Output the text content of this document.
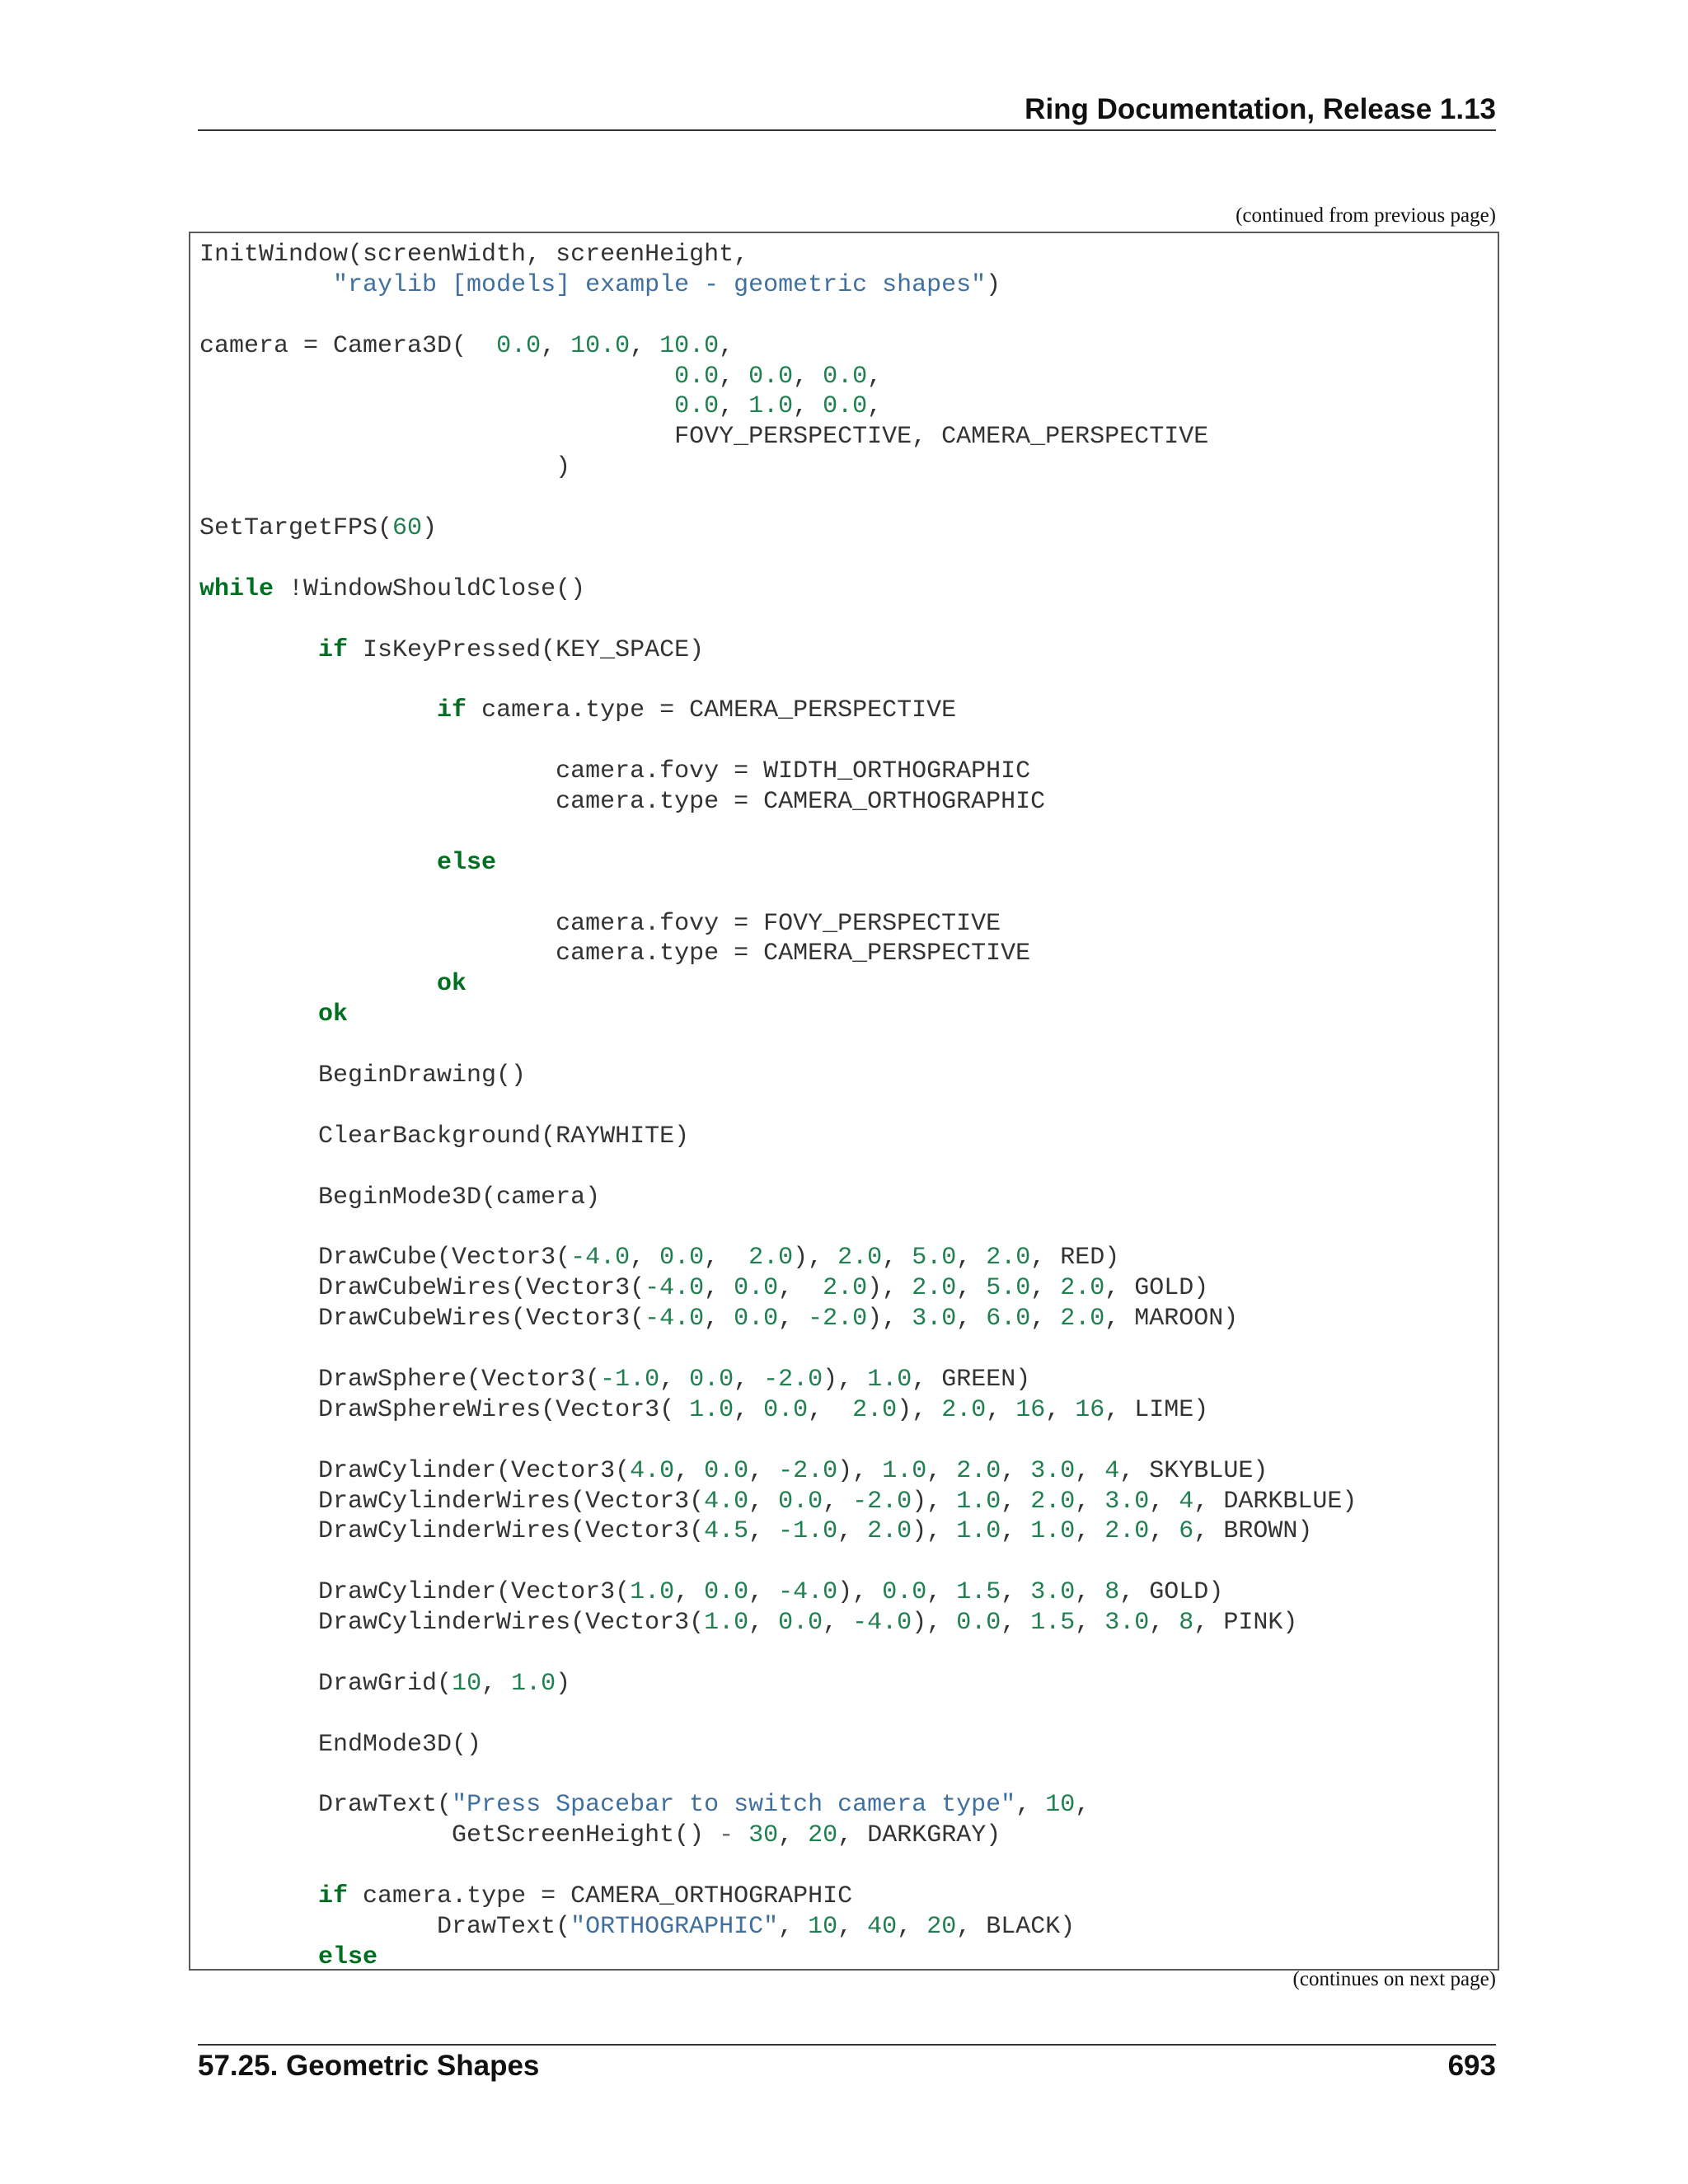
Ring Documentation, Release 1.13
(continued from previous page)
InitWindow(screenWidth, screenHeight,
"raylib [models] example - geometric shapes")
camera = Camera3D(  0.0, 10.0, 10.0,
0.0, 0.0, 0.0,
0.0, 1.0, 0.0,
FOVY_PERSPECTIVE, CAMERA_PERSPECTIVE
)
SetTargetFPS(60)
while !WindowShouldClose()
if IsKeyPressed(KEY_SPACE)
if camera.type = CAMERA_PERSPECTIVE
camera.fovy = WIDTH_ORTHOGRAPHIC
camera.type = CAMERA_ORTHOGRAPHIC
else
camera.fovy = FOVY_PERSPECTIVE
camera.type = CAMERA_PERSPECTIVE
ok
ok
BeginDrawing()
ClearBackground(RAYWHITE)
BeginMode3D(camera)
DrawCube(Vector3(-4.0, 0.0,  2.0), 2.0, 5.0, 2.0, RED)
DrawCubeWires(Vector3(-4.0, 0.0,  2.0), 2.0, 5.0, 2.0, GOLD)
DrawCubeWires(Vector3(-4.0, 0.0, -2.0), 3.0, 6.0, 2.0, MAROON)
DrawSphere(Vector3(-1.0, 0.0, -2.0), 1.0, GREEN)
DrawSphereWires(Vector3( 1.0, 0.0,  2.0), 2.0, 16, 16, LIME)
DrawCylinder(Vector3(4.0, 0.0, -2.0), 1.0, 2.0, 3.0, 4, SKYBLUE)
DrawCylinderWires(Vector3(4.0, 0.0, -2.0), 1.0, 2.0, 3.0, 4, DARKBLUE)
DrawCylinderWires(Vector3(4.5, -1.0, 2.0), 1.0, 1.0, 2.0, 6, BROWN)
DrawCylinder(Vector3(1.0, 0.0, -4.0), 0.0, 1.5, 3.0, 8, GOLD)
DrawCylinderWires(Vector3(1.0, 0.0, -4.0), 0.0, 1.5, 3.0, 8, PINK)
DrawGrid(10, 1.0)
EndMode3D()
DrawText("Press Spacebar to switch camera type", 10,
GetScreenHeight() - 30, 20, DARKGRAY)
if camera.type = CAMERA_ORTHOGRAPHIC
DrawText("ORTHOGRAPHIC", 10, 40, 20, BLACK)
else
(continues on next page)
57.25. Geometric Shapes	693
